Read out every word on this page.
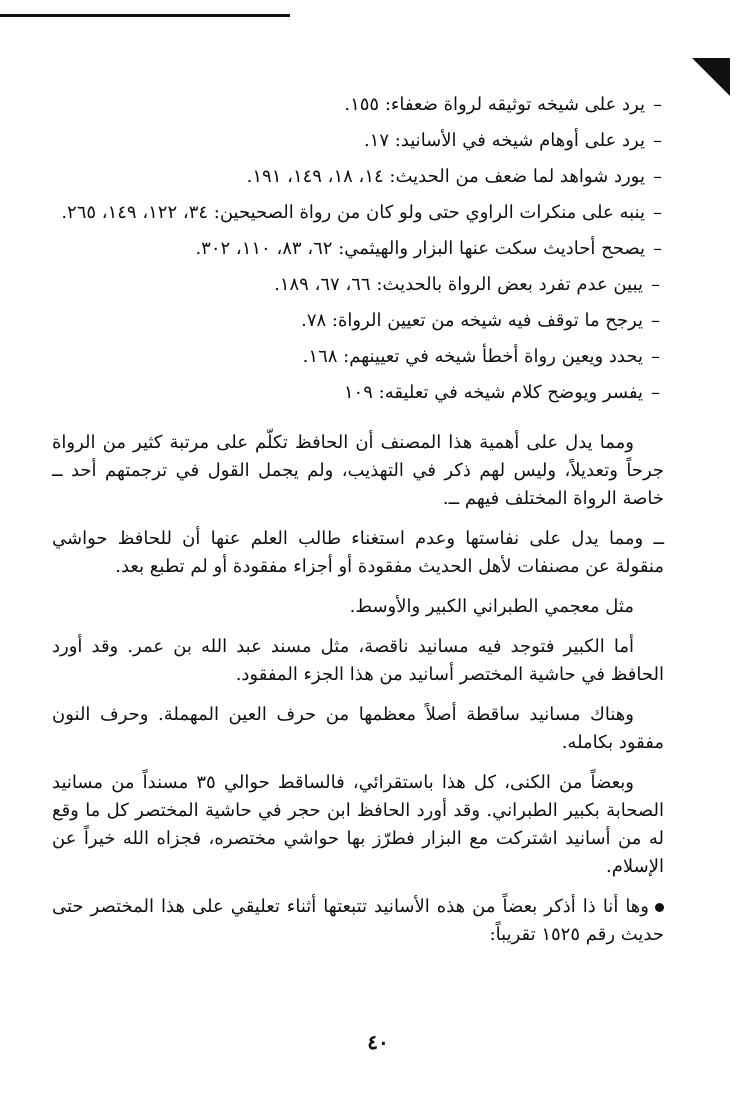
–يرد على شيخه توثيقه لرواة ضعفاء: ١٥٥.
–يرد على أوهام شيخه في الأسانيد: ١٧.
–يورد شواهد لما ضعف من الحديث: ١٤، ١٨، ١٤٩، ١٩١.
–ينبه على منكرات الراوي حتى ولو كان من رواة الصحيحين: ٣٤، ١٢٢، ١٤٩، ٢٦٥.
–يصحح أحاديث سكت عنها البزار والهيثمي: ٦٢، ٨٣، ١١٠، ٣٠٢.
–يبين عدم تفرد بعض الرواة بالحديث: ٦٦، ٦٧، ١٨٩.
–يرجح ما توقف فيه شيخه من تعيين الرواة: ٧٨.
–يحدد ويعين رواة أخطأ شيخه في تعيينهم: ١٦٨.
–يفسر ويوضح كلام شيخه في تعليقه: ١٠٩

ومما يدل على أهمية هذا المصنف أن الحافظ تكلّم على مرتبة كثير من الرواة جرحاً وتعديلاً، وليس لهم ذكر في التهذيب، ولم يجمل القول في ترجمتهم أحد ــ خاصة الرواة المختلف فيهم ــ.

ــ ومما يدل على نفاستها وعدم استغناء طالب العلم عنها أن للحافظ حواشي منقولة عن مصنفات لأهل الحديث مفقودة أو أجزاء مفقودة أو لم تطبع بعد.

مثل معجمي الطبراني الكبير والأوسط.

أما الكبير فتوجد فيه مسانيد ناقصة، مثل مسند عبد الله بن عمر. وقد أورد الحافظ في حاشية المختصر أسانيد من هذا الجزء المفقود.

وهناك مسانيد ساقطة أصلاً معظمها من حرف العين المهملة. وحرف النون مفقود بكامله.

وبعضاً من الكنى، كل هذا باستقرائي، فالساقط حوالي ٣٥ مسنداً من مسانيد الصحابة بكبير الطبراني. وقد أورد الحافظ ابن حجر في حاشية المختصر كل ما وقع له من أسانيد اشتركت مع البزار فطرّز بها حواشي مختصره، فجزاه الله خيراً عن الإسلام.

وها أنا ذا أذكر بعضاً من هذه الأسانيد تتبعتها أثناء تعليقي على هذا المختصر حتى حديث رقم ١٥٢٥ تقريباً:

٤٠
